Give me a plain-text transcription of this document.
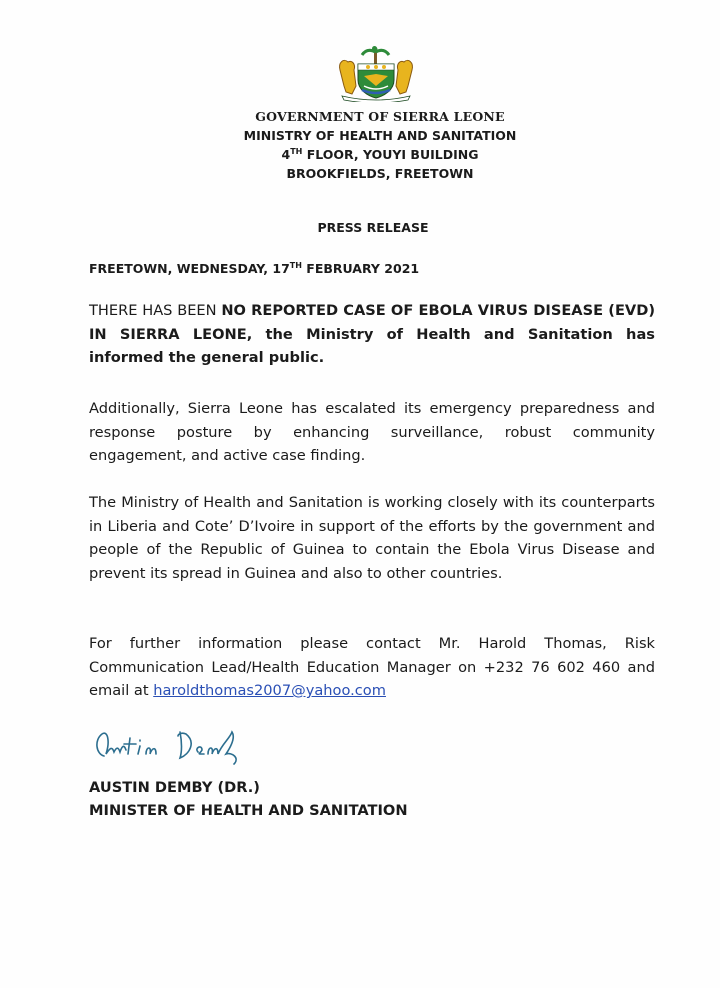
GOVERNMENT OF SIERRA LEONE
MINISTRY OF HEALTH AND SANITATION
4TH FLOOR, YOUYI BUILDING
BROOKFIELDS, FREETOWN
PRESS RELEASE
FREETOWN, WEDNESDAY, 17TH FEBRUARY 2021
THERE HAS BEEN NO REPORTED CASE OF EBOLA VIRUS DISEASE (EVD) IN SIERRA LEONE, the Ministry of Health and Sanitation has informed the general public.
Additionally, Sierra Leone has escalated its emergency preparedness and response posture by enhancing surveillance, robust community engagement, and active case finding.
The Ministry of Health and Sanitation is working closely with its counterparts in Liberia and Cote’ D’Ivoire in support of the efforts by the government and people of the Republic of Guinea to contain the Ebola Virus Disease and prevent its spread in Guinea and also to other countries.
For further information please contact Mr. Harold Thomas, Risk Communication Lead/Health Education Manager on +232 76 602 460 and email at haroldthomas2007@yahoo.com
AUSTIN DEMBY (DR.)
MINISTER OF HEALTH AND SANITATION
